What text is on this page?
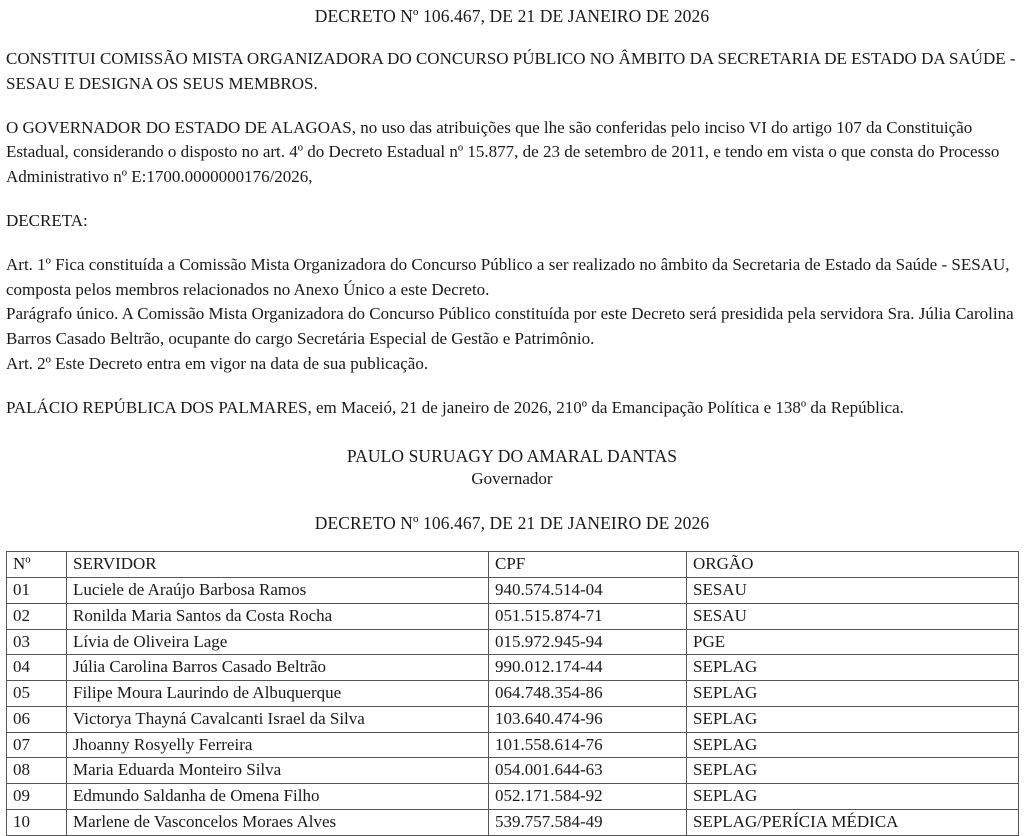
DECRETO Nº 106.467, DE 21 DE JANEIRO DE 2026

CONSTITUI COMISSÃO MISTA ORGANIZADORA DO CONCURSO PÚBLICO NO ÂMBITO DA SECRETARIA DE ESTADO DA SAÚDE - SESAU E DESIGNA OS SEUS MEMBROS.

O GOVERNADOR DO ESTADO DE ALAGOAS, no uso das atribuições que lhe são conferidas pelo inciso VI do artigo 107 da Constituição Estadual, considerando o disposto no art. 4º do Decreto Estadual nº 15.877, de 23 de setembro de 2011, e tendo em vista o que consta do Processo Administrativo nº E:1700.0000000176/2026,

DECRETA:

Art. 1º Fica constituída a Comissão Mista Organizadora do Concurso Público a ser realizado no âmbito da Secretaria de Estado da Saúde - SESAU, composta pelos membros relacionados no Anexo Único a este Decreto.

Parágrafo único. A Comissão Mista Organizadora do Concurso Público constituída por este Decreto será presidida pela servidora Sra. Júlia Carolina Barros Casado Beltrão, ocupante do cargo Secretária Especial de Gestão e Patrimônio.

Art. 2º Este Decreto entra em vigor na data de sua publicação.

PALÁCIO REPÚBLICA DOS PALMARES, em Maceió, 21 de janeiro de 2026, 210º da Emancipação Política e 138º da República.

PAULO SURUAGY DO AMARAL DANTAS
Governador
DECRETO Nº 106.467, DE 21 DE JANEIRO DE 2026
Nº	SERVIDOR	CPF	ORGÃO
01	Luciele de Araújo Barbosa Ramos	940.574.514-04	SESAU
02	Ronilda Maria Santos da Costa Rocha	051.515.874-71	SESAU
03	Lívia de Oliveira Lage	015.972.945-94	PGE
04	Júlia Carolina Barros Casado Beltrão	990.012.174-44	SEPLAG
05	Filipe Moura Laurindo de Albuquerque	064.748.354-86	SEPLAG
06	Victorya Thayná Cavalcanti Israel da Silva	103.640.474-96	SEPLAG
07	Jhoanny Rosyelly Ferreira	101.558.614-76	SEPLAG
08	Maria Eduarda Monteiro Silva	054.001.644-63	SEPLAG
09	Edmundo Saldanha de Omena Filho	052.171.584-92	SEPLAG
10	Marlene de Vasconcelos Moraes Alves	539.757.584-49	SEPLAG/PERÍCIA MÉDICA
